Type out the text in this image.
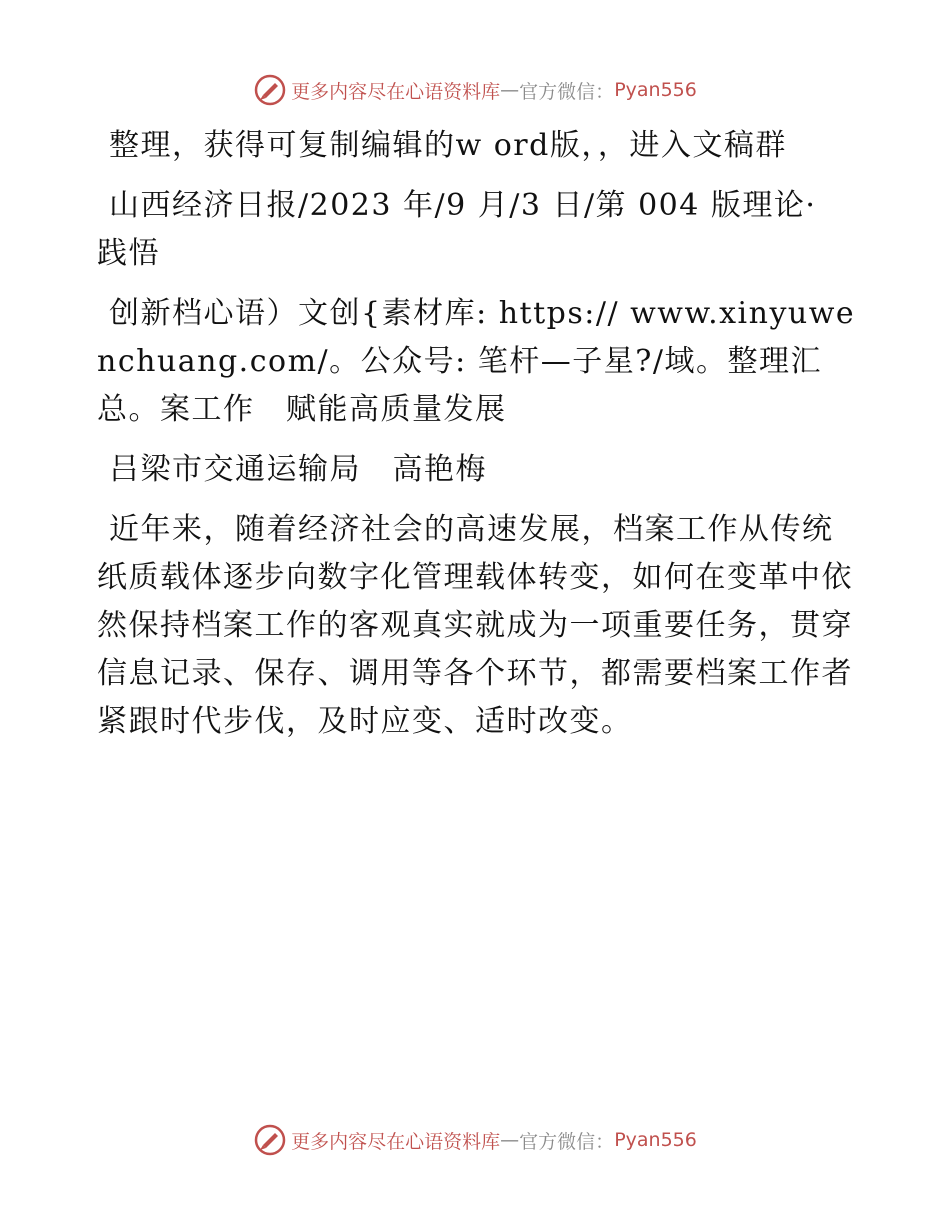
更多内容尽在心语资料库 — 官方微信： Pyan556

整理，获得可复制编辑的w ord版，，进入文稿群

山西经济日报/2023 年/9 月/3 日/第 004 版理论· 践悟

创新档心语）文创{素材库: https:// www.xinyuwenchuang.com/。公众号: 笔杆—子星?/域。整理汇总。案工作　赋能高质量发展

吕梁市交通运输局　高艳梅

近年来，随着经济社会的高速发展，档案工作从传统纸质载体逐步向数字化管理载体转变，如何在变革中依然保持档案工作的客观真实就成为一项重要任务，贯穿信息记录、保存、调用等各个环节，都需要档案工作者紧跟时代步伐，及时应变、适时改变。

更多内容尽在心语资料库 — 官方微信： Pyan556
